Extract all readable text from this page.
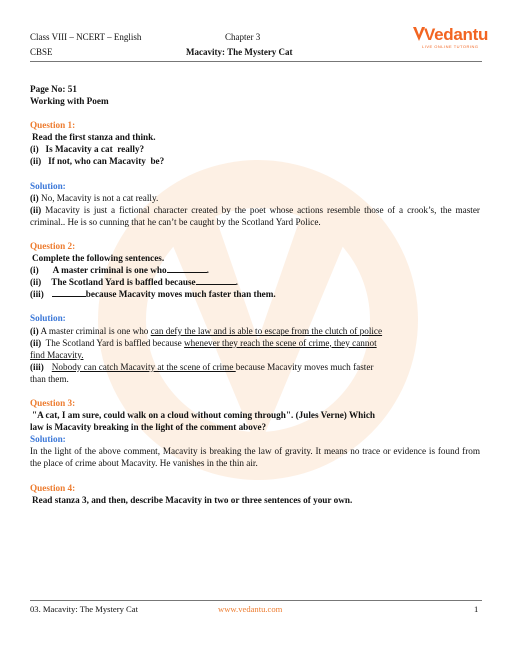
Class VIII – NCERT – English
CBSE
Chapter 3
Macavity: The Mystery Cat
Vedantu
LIVE ONLINE TUTORING
Page No: 51
Working with Poem
Question 1:
Read the first stanza and think.
(i)   Is Macavity a cat  really?
(ii)   If not, who can Macavity  be?
Solution:
(i) No, Macavity is not a cat really.
(ii) Macavity is just a fictional character created by the poet whose actions resemble those of a crook’s, the master criminal.. He is so cunning that he can’t be caught by the Scotland Yard Police.
Question 2:
Complete the following sentences.
(i) A master criminal is one who	.
(ii) The Scotland Yard is baffled because	.
(iii)	because Macavity moves much faster than them.
Solution:
(i) A master criminal is one who can defy the law and is able to escape from the clutch of police
(ii)  The Scotland Yard is baffled because whenever they reach the scene of crime, they cannot
find Macavity.
(iii) Nobody can catch Macavity at the scene of crime because Macavity moves much faster
than them.
Question 3:
"A cat, I am sure, could walk on a cloud without coming through". (Jules Verne) Which
law is Macavity breaking in the light of the comment above?
Solution:
In the light of the above comment, Macavity is breaking the law of gravity. It means no trace or evidence is found from the place of crime about Macavity. He vanishes in the thin air.
Question 4:
Read stanza 3, and then, describe Macavity in two or three sentences of your own.
03. Macavity: The Mystery Cat	www.vedantu.com	1
